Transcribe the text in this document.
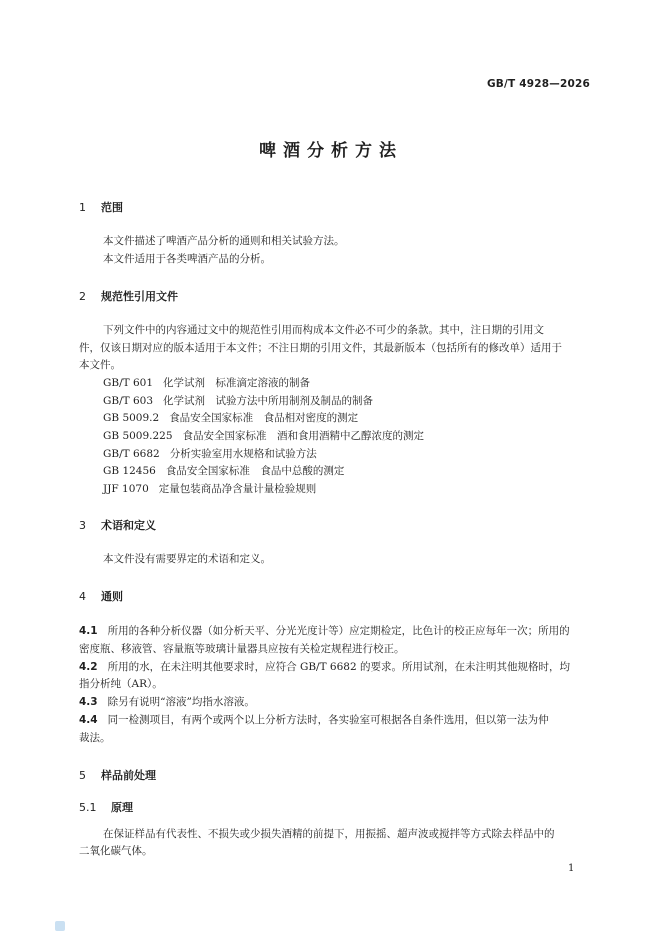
GB/T 4928—2026
啤酒分析方法
1 范围
本文件描述了啤酒产品分析的通则和相关试验方法。
本文件适用于各类啤酒产品的分析。
2 规范性引用文件
下列文件中的内容通过文中的规范性引用而构成本文件必不可少的条款。其中，注日期的引用文
件，仅该日期对应的版本适用于本文件；不注日期的引用文件，其最新版本（包括所有的修改单）适用于
本文件。
GB/T 601 化学试剂　标准滴定溶液的制备
GB/T 603 化学试剂　试验方法中所用制剂及制品的制备
GB 5009.2 食品安全国家标准　食品相对密度的测定
GB 5009.225 食品安全国家标准　酒和食用酒精中乙醇浓度的测定
GB/T 6682 分析实验室用水规格和试验方法
GB 12456 食品安全国家标准　食品中总酸的测定
JJF 1070 定量包装商品净含量计量检验规则
3 术语和定义
本文件没有需要界定的术语和定义。
4 通则
4.1 所用的各种分析仪器（如分析天平、分光光度计等）应定期检定，比色计的校正应每年一次；所用的
密度瓶、移液管、容量瓶等玻璃计量器具应按有关检定规程进行校正。
4.2 所用的水，在未注明其他要求时，应符合 GB/T 6682 的要求。所用试剂，在未注明其他规格时，均
指分析纯（AR）。
4.3 除另有说明“溶液”均指水溶液。
4.4 同一检测项目，有两个或两个以上分析方法时，各实验室可根据各自条件选用，但以第一法为仲
裁法。
5 样品前处理
5.1 原理
在保证样品有代表性、不损失或少损失酒精的前提下，用振摇、超声波或搅拌等方式除去样品中的
二氧化碳气体。
1
